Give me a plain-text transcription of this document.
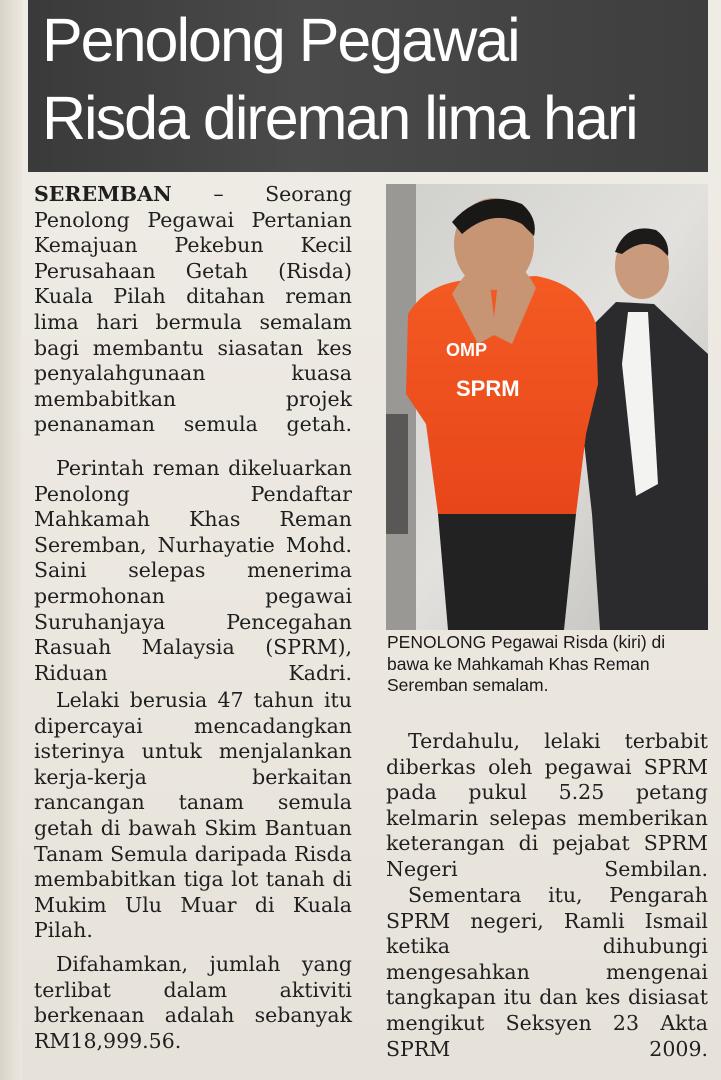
Penolong Pegawai
Risda direman lima hari

SEREMBAN – Seorang Penolong Pegawai Pertanian Kemajuan Pekebun Kecil Perusahaan Getah (Risda) Kuala Pilah ditahan reman lima hari bermula semalam bagi membantu siasatan kes penyalahgunaan kuasa membabitkan projek penanaman semula getah.

Perintah reman dikeluarkan Penolong Pendaftar Mahkamah Khas Reman Seremban, Nurhayatie Mohd. Saini selepas menerima permohonan pegawai Suruhanjaya Pencegahan Rasuah Malaysia (SPRM), Riduan Kadri.

Lelaki berusia 47 tahun itu dipercayai mencadangkan isterinya untuk menjalankan kerja-kerja berkaitan rancangan tanam semula getah di bawah Skim Bantuan Tanam Semula daripada Risda membabitkan tiga lot tanah di Mukim Ulu Muar di Kuala Pilah.

Difahamkan, jumlah yang terlibat dalam aktiviti berkenaan adalah sebanyak RM18,999.56.

OMP
SPRM
PENOLONG Pegawai Risda (kiri) di bawa ke Mahkamah Khas Reman Seremban semalam.

Terdahulu, lelaki terbabit diberkas oleh pegawai SPRM pada pukul 5.25 petang kelmarin selepas memberikan keterangan di pejabat SPRM Negeri Sembilan.

Sementara itu, Pengarah SPRM negeri, Ramli Ismail ketika dihubungi mengesahkan mengenai tangkapan itu dan kes disiasat mengikut Seksyen 23 Akta SPRM 2009.
